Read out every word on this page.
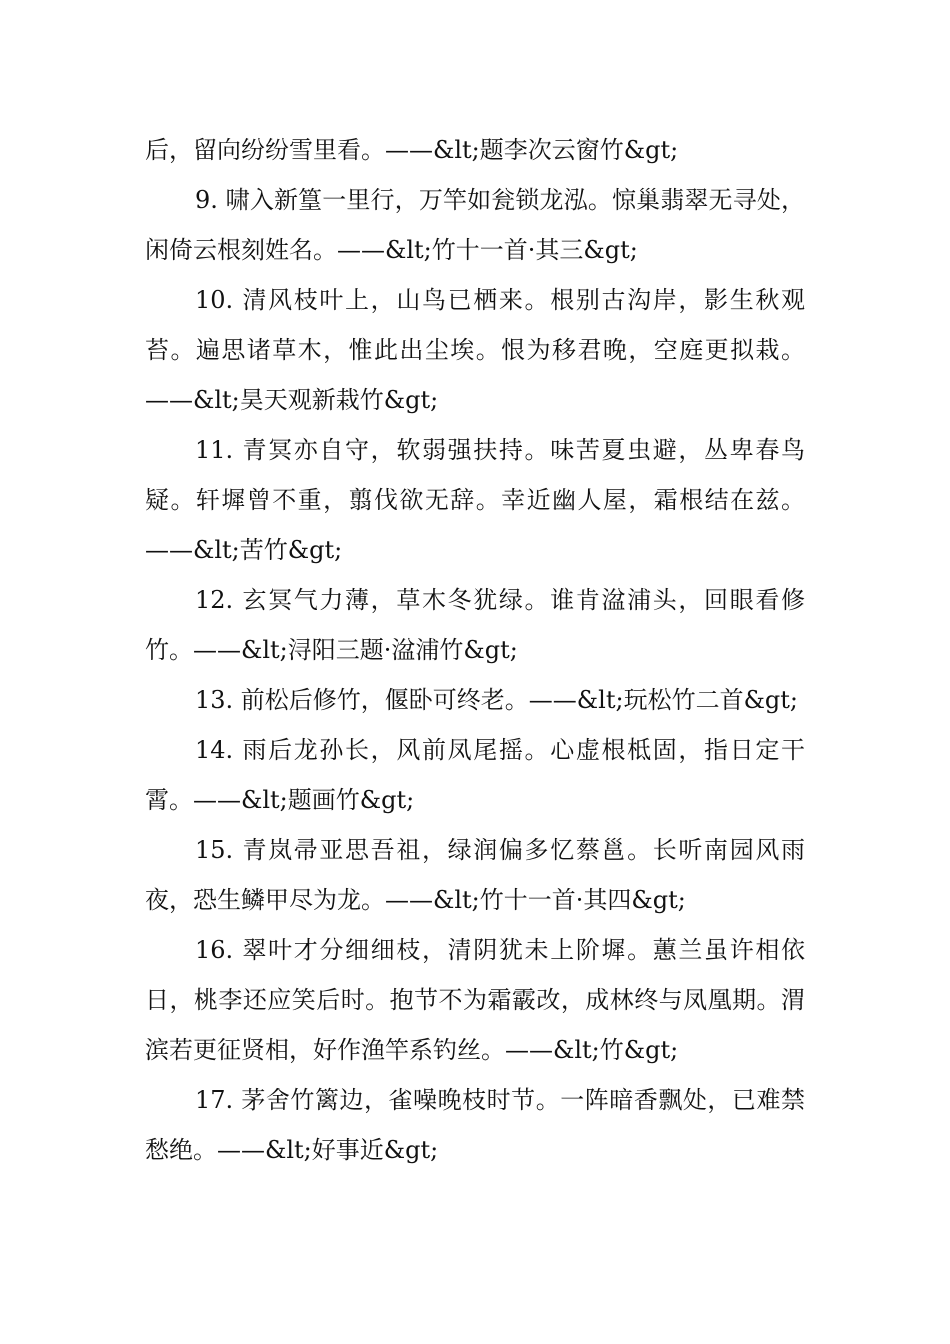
后，留向纷纷雪里看。——&lt;题李次云窗竹&gt;

9. 啸入新篁一里行，万竿如瓮锁龙泓。惊巢翡翠无寻处，闲倚云根刻姓名。——&lt;竹十一首·其三&gt;

10. 清风枝叶上，山鸟已栖来。根别古沟岸，影生秋观苔。遍思诸草木，惟此出尘埃。恨为移君晚，空庭更拟栽。——&lt;昊天观新栽竹&gt;

11. 青冥亦自守，软弱强扶持。味苦夏虫避，丛卑春鸟疑。轩墀曾不重，翦伐欲无辞。幸近幽人屋，霜根结在兹。——&lt;苦竹&gt;

12. 玄冥气力薄，草木冬犹绿。谁肯湓浦头，回眼看修竹。——&lt;浔阳三题·湓浦竹&gt;

13. 前松后修竹，偃卧可终老。——&lt;玩松竹二首&gt;

14. 雨后龙孙长，风前凤尾摇。心虚根柢固，指日定干霄。——&lt;题画竹&gt;

15. 青岚帚亚思吾祖，绿润偏多忆蔡邕。长听南园风雨夜，恐生鳞甲尽为龙。——&lt;竹十一首·其四&gt;

16. 翠叶才分细细枝，清阴犹未上阶墀。蕙兰虽许相依日，桃李还应笑后时。抱节不为霜霰改，成林终与凤凰期。渭滨若更征贤相，好作渔竿系钓丝。——&lt;竹&gt;

17. 茅舍竹篱边，雀噪晚枝时节。一阵暗香飘处，已难禁愁绝。——&lt;好事近&gt;
